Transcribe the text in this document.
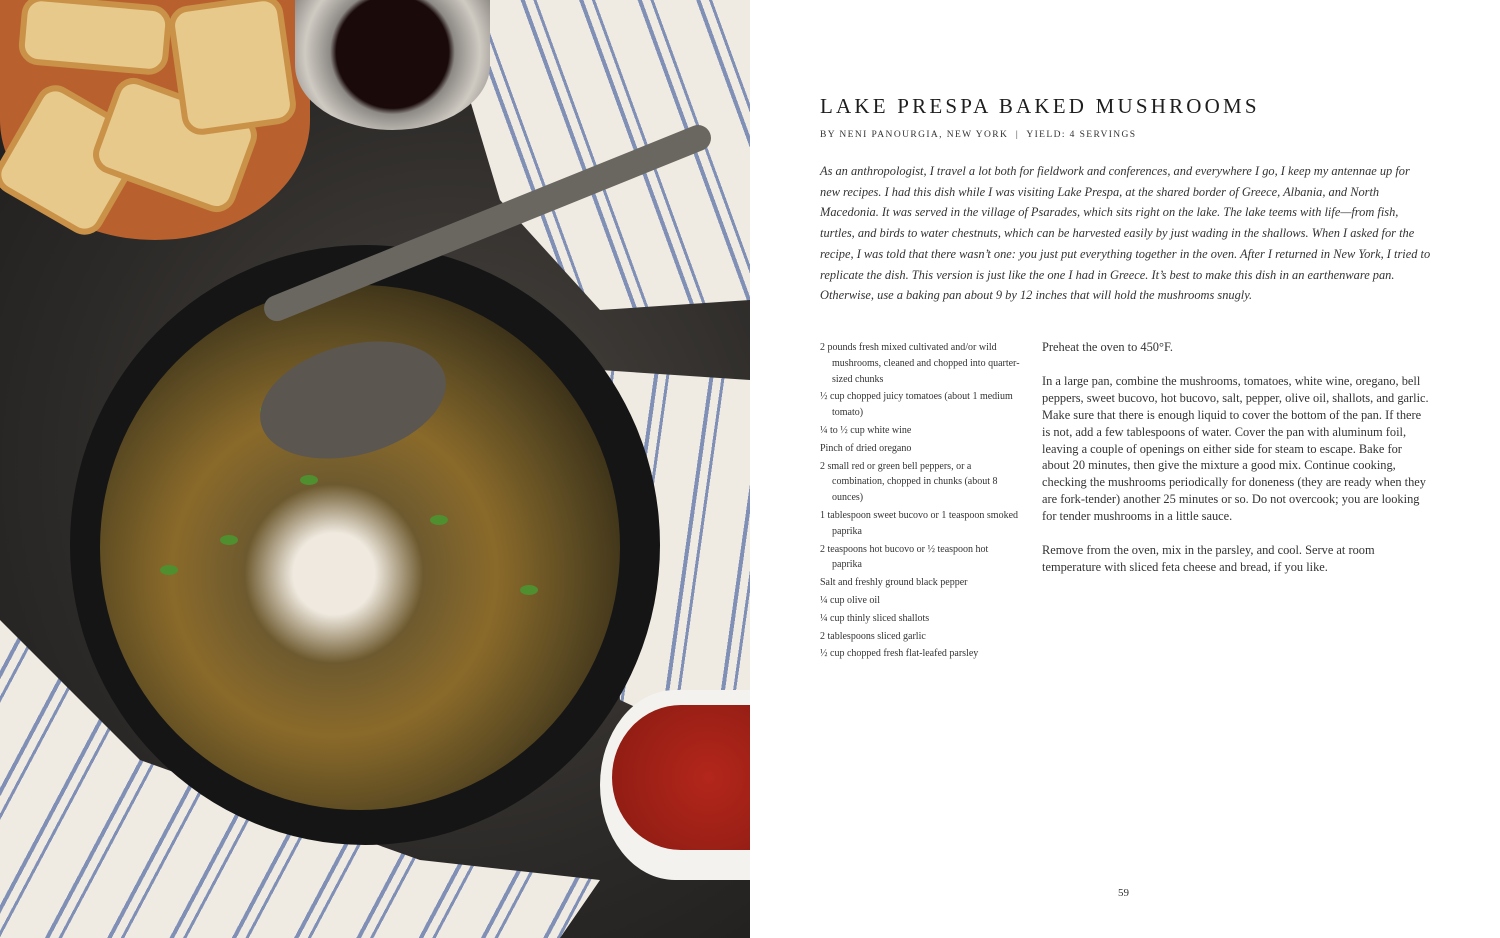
LAKE PRESPA BAKED MUSHROOMS
BY NENI PANOURGIA, NEW YORK  |  YIELD: 4 SERVINGS

As an anthropologist, I travel a lot both for fieldwork and conferences, and everywhere I go, I keep my antennae up for new recipes. I had this dish while I was visiting Lake Prespa, at the shared border of Greece, Albania, and North Macedonia. It was served in the village of Psarades, which sits right on the lake. The lake teems with life—from fish, turtles, and birds to water chestnuts, which can be harvested easily by just wading in the shallows. When I asked for the recipe, I was told that there wasn’t one: you just put everything together in the oven. After I returned in New York, I tried to replicate the dish. This version is just like the one I had in Greece. It’s best to make this dish in an earthenware pan. Otherwise, use a baking pan about 9 by 12 inches that will hold the mushrooms snugly.

2 pounds fresh mixed cultivated and/or wild mushrooms, cleaned and chopped into quarter-sized chunks
½ cup chopped juicy tomatoes (about 1 medium tomato)
¼ to ½ cup white wine
Pinch of dried oregano
2 small red or green bell peppers, or a combination, chopped in chunks (about 8 ounces)
1 tablespoon sweet bucovo or 1 teaspoon smoked paprika
2 teaspoons hot bucovo or ½ teaspoon hot paprika
Salt and freshly ground black pepper
¼ cup olive oil
¼ cup thinly sliced shallots
2 tablespoons sliced garlic
½ cup chopped fresh flat-leafed parsley

Preheat the oven to 450°F.

In a large pan, combine the mushrooms, tomatoes, white wine, oregano, bell peppers, sweet bucovo, hot bucovo, salt, pepper, olive oil, shallots, and garlic. Make sure that there is enough liquid to cover the bottom of the pan. If there is not, add a few tablespoons of water. Cover the pan with aluminum foil, leaving a couple of openings on either side for steam to escape. Bake for about 20 minutes, then give the mixture a good mix. Continue cooking, checking the mushrooms periodically for doneness (they are ready when they are fork-tender) another 25 minutes or so. Do not overcook; you are looking for tender mushrooms in a little sauce.

Remove from the oven, mix in the parsley, and cool. Serve at room temperature with sliced feta cheese and bread, if you like.

59
